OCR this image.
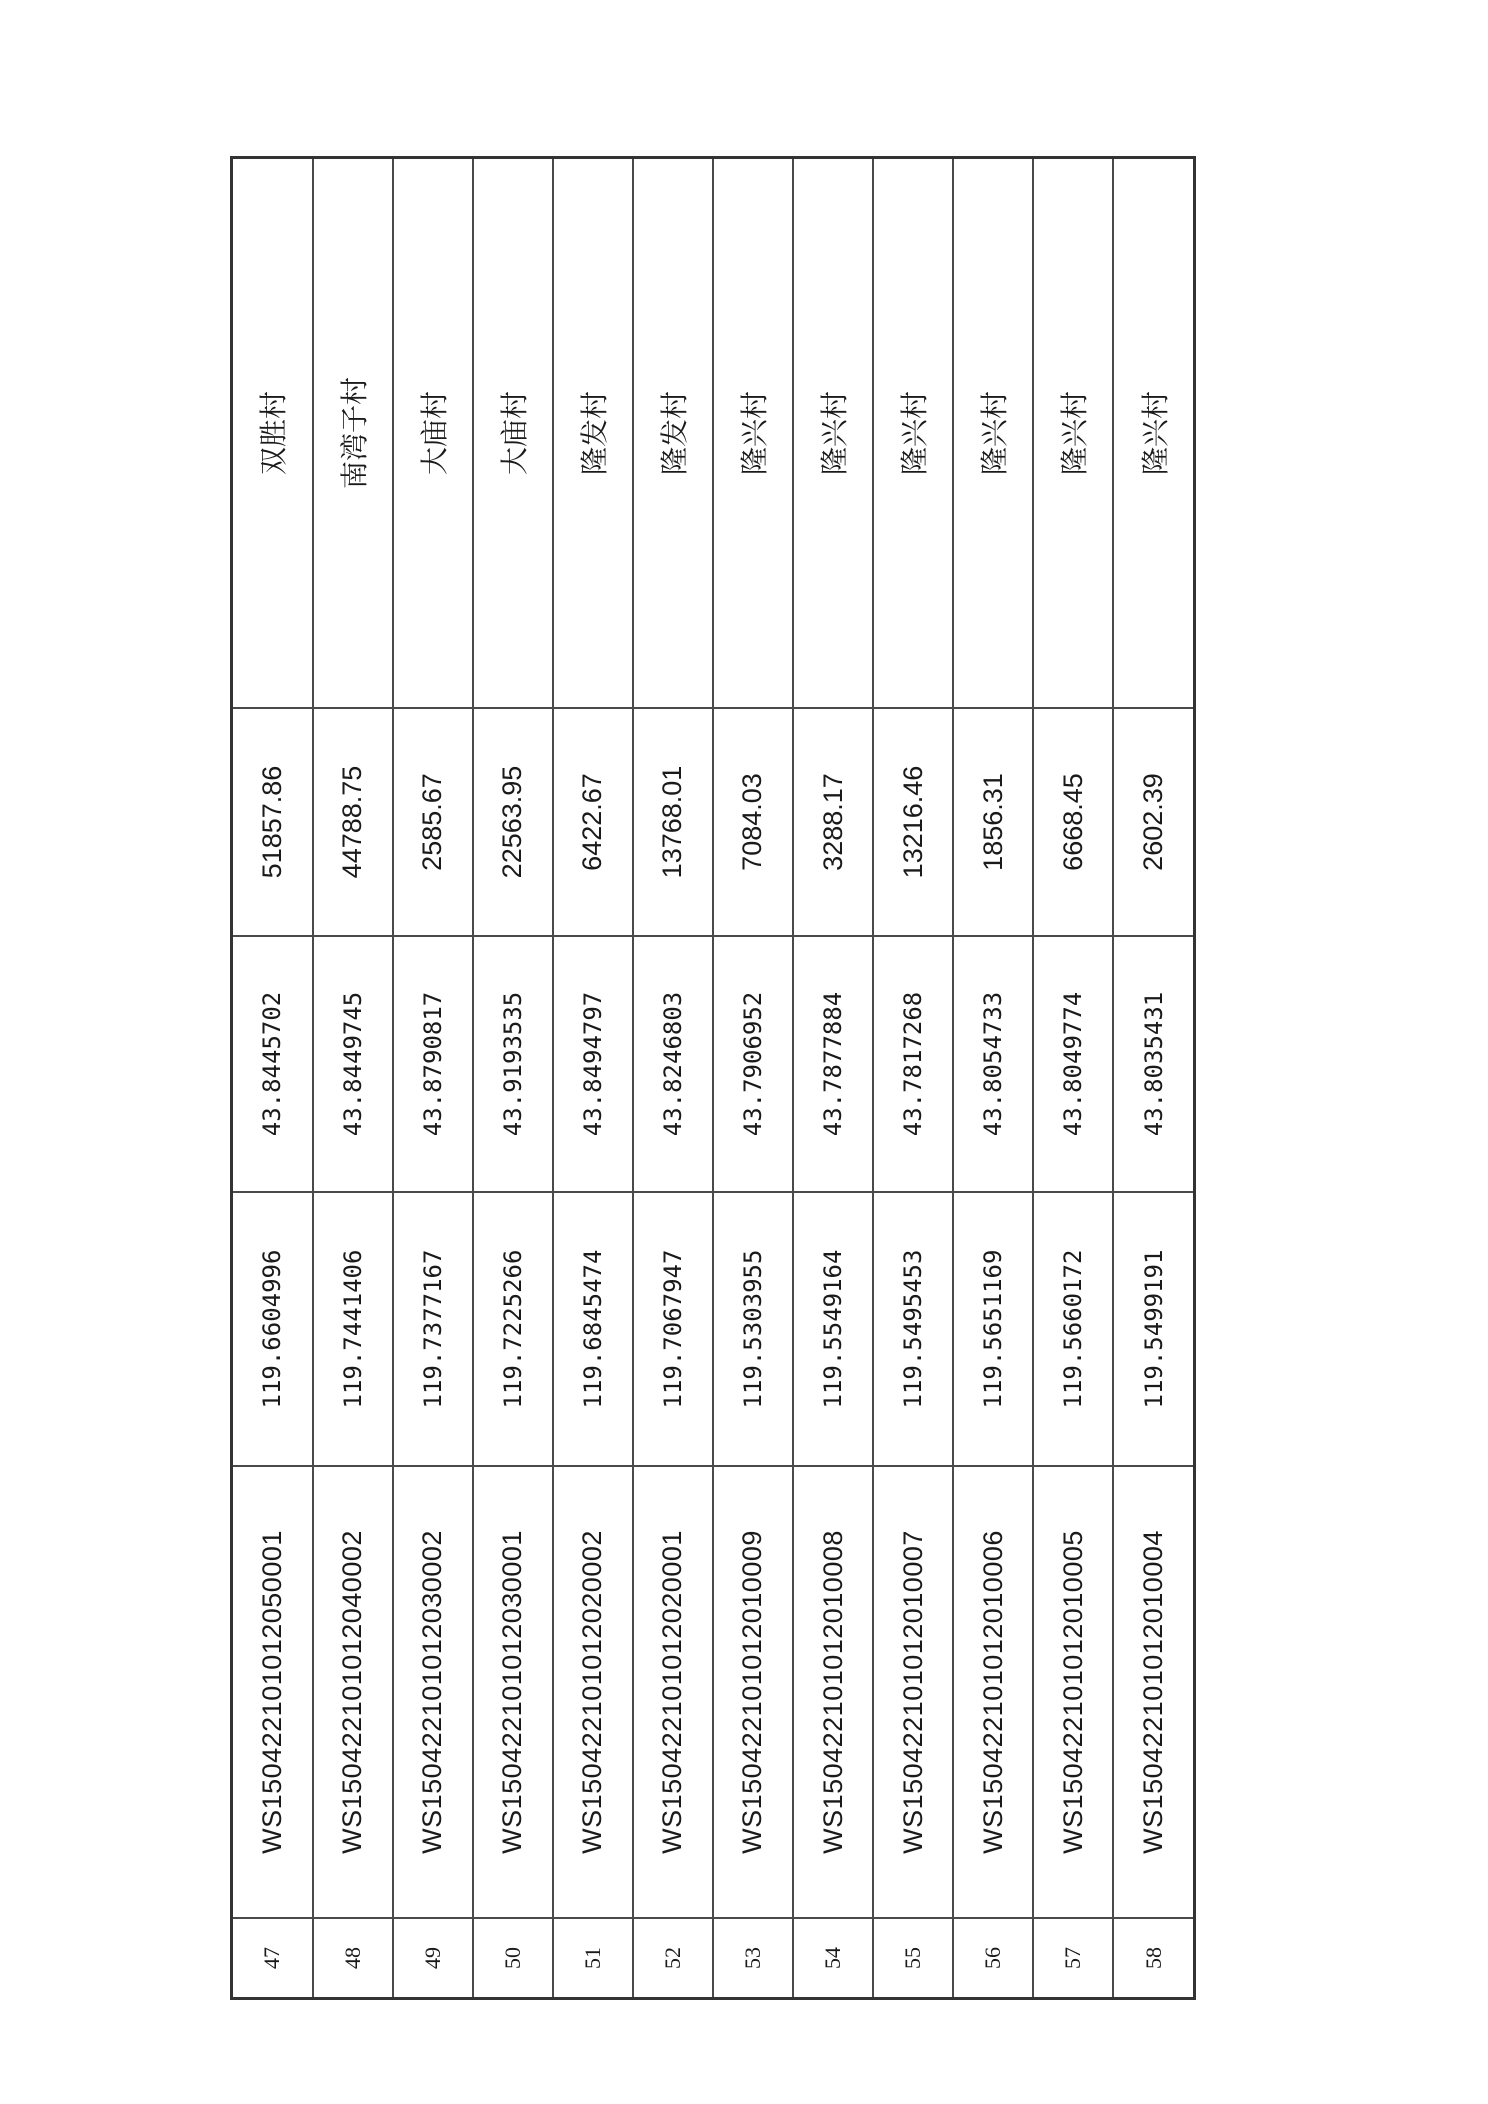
47	WS150422101012050001	119.6604996	43.8445702	51857.86	双胜村
48	WS150422101012040002	119.7441406	43.8449745	44788.75	南湾子村
49	WS150422101012030002	119.7377167	43.8790817	2585.67	大庙村
50	WS150422101012030001	119.7225266	43.9193535	22563.95	大庙村
51	WS150422101012020002	119.6845474	43.8494797	6422.67	隆发村
52	WS150422101012020001	119.7067947	43.8246803	13768.01	隆发村
53	WS150422101012010009	119.5303955	43.7906952	7084.03	隆兴村
54	WS150422101012010008	119.5549164	43.7877884	3288.17	隆兴村
55	WS150422101012010007	119.5495453	43.7817268	13216.46	隆兴村
56	WS150422101012010006	119.5651169	43.8054733	1856.31	隆兴村
57	WS150422101012010005	119.5660172	43.8049774	6668.45	隆兴村
58	WS150422101012010004	119.5499191	43.8035431	2602.39	隆兴村
